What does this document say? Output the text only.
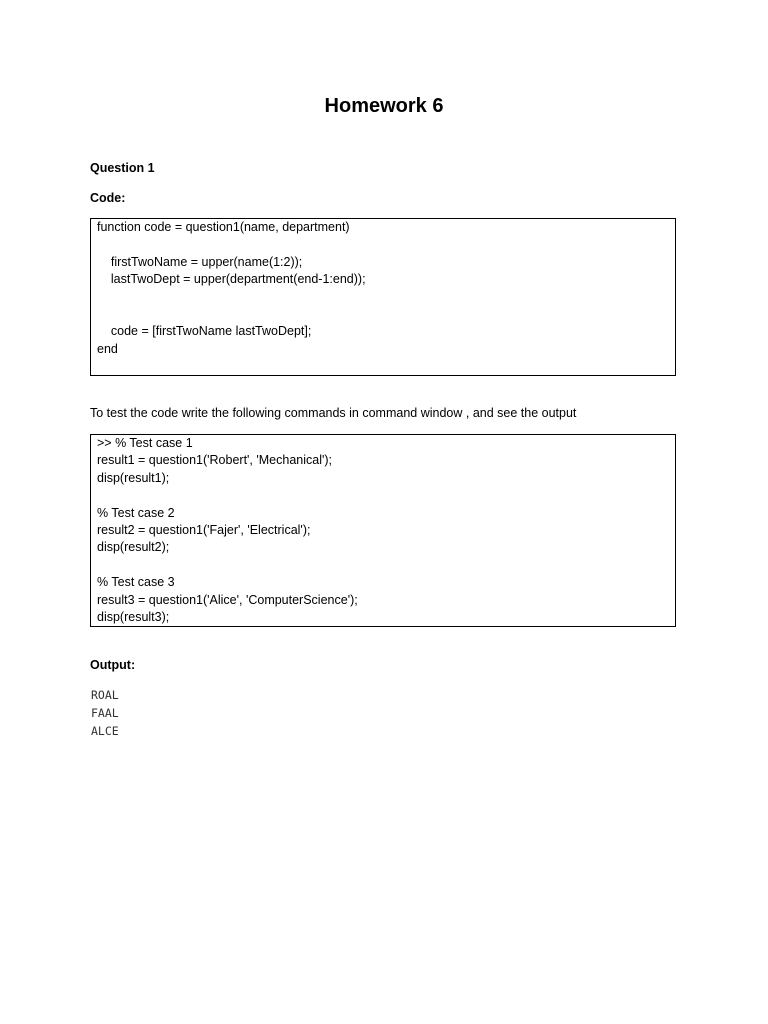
Homework 6
Question 1
Code:
function code = question1(name, department)
firstTwoName = upper(name(1:2));
lastTwoDept = upper(department(end-1:end));
code = [firstTwoName lastTwoDept];
end
To test the code write the following commands in command window , and see the output
>> % Test case 1
result1 = question1('Robert', 'Mechanical');
disp(result1);
% Test case 2
result2 = question1('Fajer', 'Electrical');
disp(result2);
% Test case 3
result3 = question1('Alice', 'ComputerScience');
disp(result3);
Output:
ROAL
FAAL
ALCE
